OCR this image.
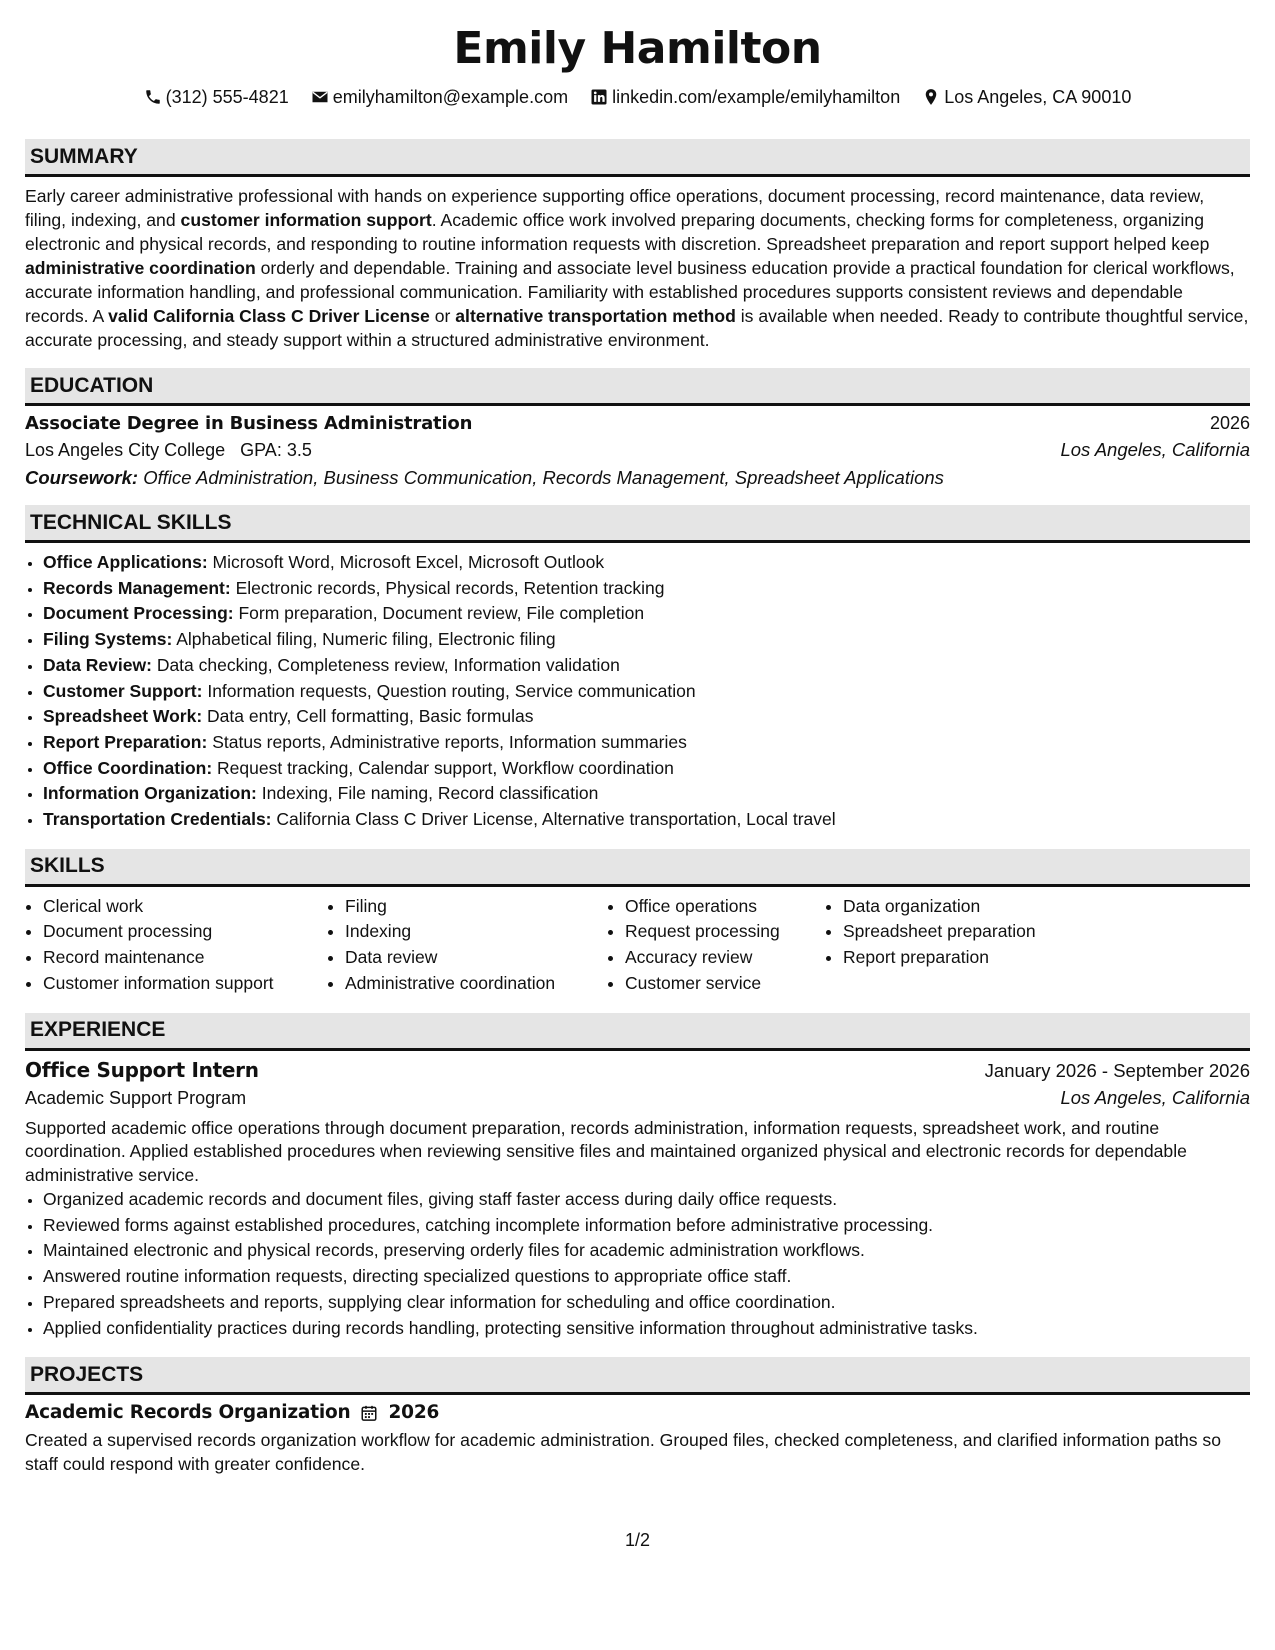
Emily Hamilton
(312) 555-4821 emilyhamilton@example.com linkedin.com/example/emilyhamilton Los Angeles, CA 90010
SUMMARY

Early career administrative professional with hands on experience supporting office operations, document processing, record maintenance, data review, filing, indexing, and customer information support. Academic office work involved preparing documents, checking forms for completeness, organizing electronic and physical records, and responding to routine information requests with discretion. Spreadsheet preparation and report support helped keep administrative coordination orderly and dependable. Training and associate level business education provide a practical foundation for clerical workflows, accurate information handling, and professional communication. Familiarity with established procedures supports consistent reviews and dependable records. A valid California Class C Driver License or alternative transportation method is available when needed. Ready to contribute thoughtful service, accurate processing, and steady support within a structured administrative environment.

EDUCATION
Associate Degree in Business Administration	2026
Los Angeles City College GPA: 3.5	Los Angeles, California
Coursework: Office Administration, Business Communication, Records Management, Spreadsheet Applications
TECHNICAL SKILLS
• Office Applications: Microsoft Word, Microsoft Excel, Microsoft Outlook
• Records Management: Electronic records, Physical records, Retention tracking
• Document Processing: Form preparation, Document review, File completion
• Filing Systems: Alphabetical filing, Numeric filing, Electronic filing
• Data Review: Data checking, Completeness review, Information validation
• Customer Support: Information requests, Question routing, Service communication
• Spreadsheet Work: Data entry, Cell formatting, Basic formulas
• Report Preparation: Status reports, Administrative reports, Information summaries
• Office Coordination: Request tracking, Calendar support, Workflow coordination
• Information Organization: Indexing, File naming, Record classification
• Transportation Credentials: California Class C Driver License, Alternative transportation, Local travel
SKILLS
• Clerical work
• Document processing
• Record maintenance
• Customer information support
• Filing
• Indexing
• Data review
• Administrative coordination
• Office operations
• Request processing
• Accuracy review
• Customer service
• Data organization
• Spreadsheet preparation
• Report preparation
EXPERIENCE
Office Support Intern	January 2026 - September 2026
Academic Support Program	Los Angeles, California

Supported academic office operations through document preparation, records administration, information requests, spreadsheet work, and routine coordination. Applied established procedures when reviewing sensitive files and maintained organized physical and electronic records for dependable administrative service.

• Organized academic records and document files, giving staff faster access during daily office requests.
• Reviewed forms against established procedures, catching incomplete information before administrative processing.
• Maintained electronic and physical records, preserving orderly files for academic administration workflows.
• Answered routine information requests, directing specialized questions to appropriate office staff.
• Prepared spreadsheets and reports, supplying clear information for scheduling and office coordination.
• Applied confidentiality practices during records handling, protecting sensitive information throughout administrative tasks.
PROJECTS
Academic Records Organization 2026

Created a supervised records organization workflow for academic administration. Grouped files, checked completeness, and clarified information paths so staff could respond with greater confidence.

1/2
